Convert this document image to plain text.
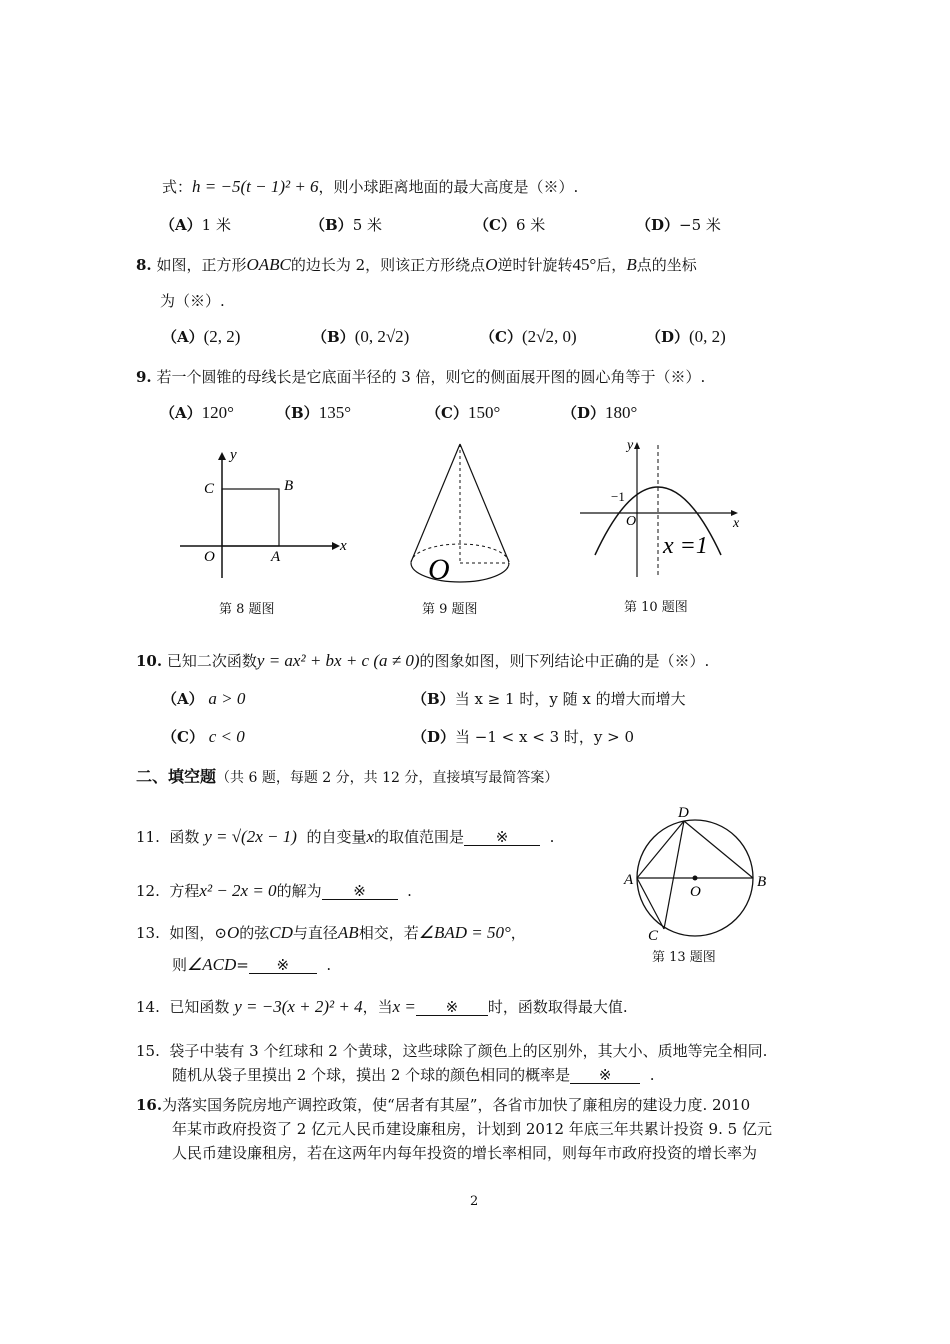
式：h = −5(t − 1)² + 6，则小球距离地面的最大高度是（※）.
（A）1 米	（B）5 米	（C）6 米	（D）−5 米
8. 如图，正方形OABC的边长为 2，则该正方形绕点O逆时针旋转45°后，B点的坐标
为（※）.
（A）(2, 2)	（B）(0, 2√2)	（C）(2√2, 0)	（D）(0, 2)
9. 若一个圆锥的母线长是它底面半径的 3 倍，则它的侧面展开图的圆心角等于（※）.
（A）120°	（B）135°	（C）150°	（D）180°
y
x
C	B
O	A
第 8 题图
O
第 9 题图
y
x
O
−1
x =1
第 10 题图
10. 已知二次函数y = ax² + bx + c (a ≠ 0)的图象如图，则下列结论中正确的是（※）.
（A） a > 0	（B）当 x ≥ 1 时，y 随 x 的增大而增大
（C） c < 0	（D）当 −1 < x < 3 时，y > 0
二、填空题（共 6 题，每题 2 分，共 12 分，直接填写最简答案）
11. 函数 y = √(2x − 1) 的自变量x的取值范围是 ※	.
12. 方程x² − 2x = 0的解为 ※	.
13. 如图，⊙O的弦CD与直径AB相交，若∠BAD = 50°，
则∠ACD= ※ .
A	B
C
D
O
第 13 题图
14. 已知函数 y = −3(x + 2)² + 4，当x = ※ 时，函数取得最大值.
15. 袋子中装有 3 个红球和 2 个黄球，这些球除了颜色上的区别外，其大小、质地等完全相同.
随机从袋子里摸出 2 个球，摸出 2 个球的颜色相同的概率是 ※	.
16.为落实国务院房地产调控政策，使“居者有其屋”，各省市加快了廉租房的建设力度. 2010
年某市政府投资了 2 亿元人民币建设廉租房，计划到 2012 年底三年共累计投资 9. 5 亿元
人民币建设廉租房，若在这两年内每年投资的增长率相同，则每年市政府投资的增长率为
2
